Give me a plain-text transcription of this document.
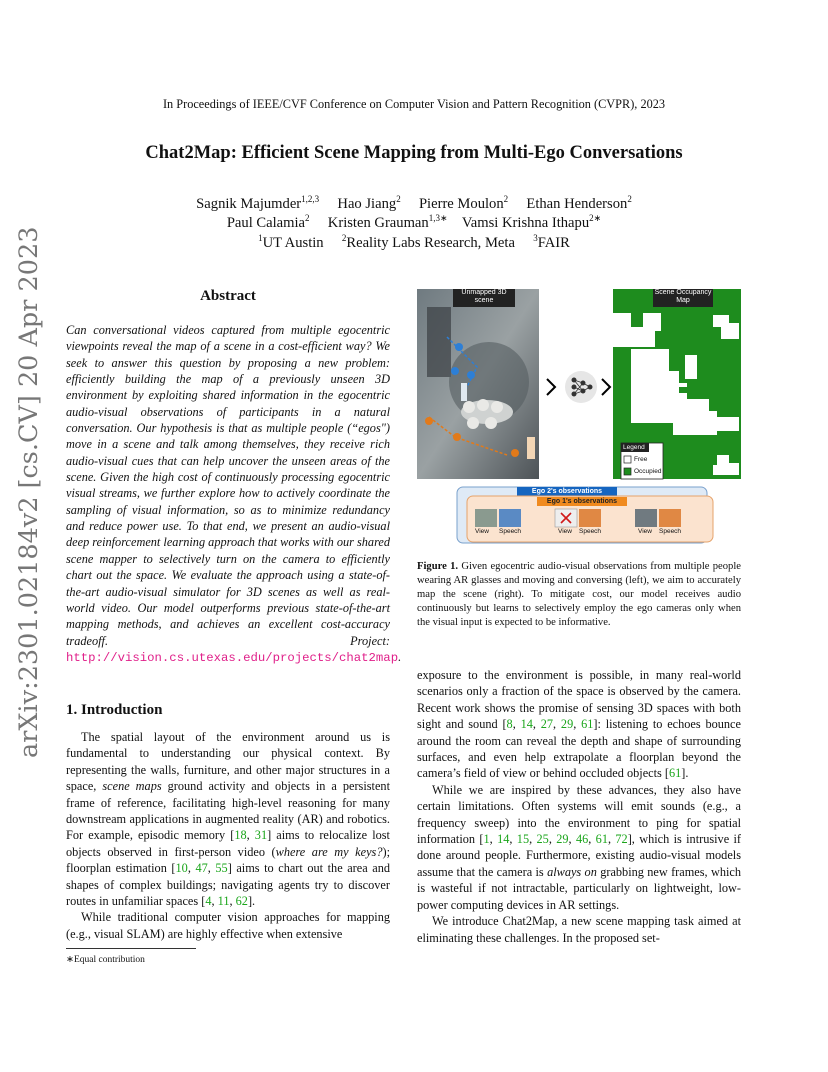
In Proceedings of IEEE/CVF Conference on Computer Vision and Pattern Recognition (CVPR), 2023
Chat2Map: Efficient Scene Mapping from Multi-Ego Conversations
Sagnik Majumder$^{1,2,3}$ Hao Jiang$^2$ Pierre Moulon$^2$ Ethan Henderson$^2$
Paul Calamia$^2$ Kristen Grauman$^{1,3∗}$ Vamsi Krishna Ithapu$^{2∗}$
$^1$UT Austin $^2$Reality Labs Research, Meta $^3$FAIR
arXiv:2301.02184v2 [cs.CV] 20 Apr 2023	Abstract
Can conversational videos captured from multiple egocentric viewpoints reveal the map of a scene in a cost-efficient way? We seek to answer this question by proposing a new problem: efficiently building the map of a previously unseen 3D environment by exploiting shared information in the egocentric audio-visual observations of participants in a natural conversation. Our hypothesis is that as multiple people (“egos") move in a scene and talk among themselves, they receive rich audio-visual cues that can help uncover the unseen areas of the scene. Given the high cost of continuously processing egocentric visual streams, we further explore how to actively coordinate the sampling of visual information, so as to minimize redundancy and reduce power use. To that end, we present an audio-visual deep reinforcement learning approach that works with our shared scene mapper to selectively turn on the camera to efficiently chart out the space. We evaluate the approach using a state-of-the-art audio-visual simulator for 3D scenes as well as real-world video. Our model outperforms previous state-of-the-art mapping methods, and achieves an excellent cost-accuracy tradeoff. Project: http://vision.cs.utexas.edu/projects/chat2map.
1. Introduction

The spatial layout of the environment around us is fundamental to understanding our physical context. By representing the walls, furniture, and other major structures in a space, scene maps ground activity and objects in a persistent frame of reference, facilitating high-level reasoning for many downstream applications in augmented reality (AR) and robotics. For example, episodic memory [18, 31] aims to relocalize lost objects observed in first-person video (where are my keys?); floorplan estimation [10, 47, 55] aims to chart out the area and shapes of complex buildings; navigating agents try to discover routes in unfamiliar spaces [4, 11, 62].

While traditional computer vision approaches for mapping (e.g., visual SLAM) are highly effective when extensive

∗Equal contribution
Unmapped 3D scene
Scene Occupancy Map
Legend
Free
Occupied
Ego 2's observations
Ego 1's observations
View Speech	View Speech	View Speech
Figure 1. Given egocentric audio-visual observations from multiple people wearing AR glasses and moving and conversing (left), we aim to accurately map the scene (right). To mitigate cost, our model receives audio continuously but learns to selectively employ the ego cameras only when the visual input is expected to be informative.

exposure to the environment is possible, in many real-world scenarios only a fraction of the space is observed by the camera. Recent work shows the promise of sensing 3D spaces with both sight and sound [8, 14, 27, 29, 61]: listening to echoes bounce around the room can reveal the depth and shape of surrounding surfaces, and even help extrapolate a floorplan beyond the camera’s field of view or behind occluded objects [61].

While we are inspired by these advances, they also have certain limitations. Often systems will emit sounds (e.g., a frequency sweep) into the environment to ping for spatial information [1, 14, 15, 25, 29, 46, 61, 72], which is intrusive if done around people. Furthermore, existing audio-visual models assume that the camera is always on grabbing new frames, which is wasteful if not intractable, particularly on lightweight, low-power computing devices in AR settings.

We introduce Chat2Map, a new scene mapping task aimed at eliminating these challenges. In the proposed set-
